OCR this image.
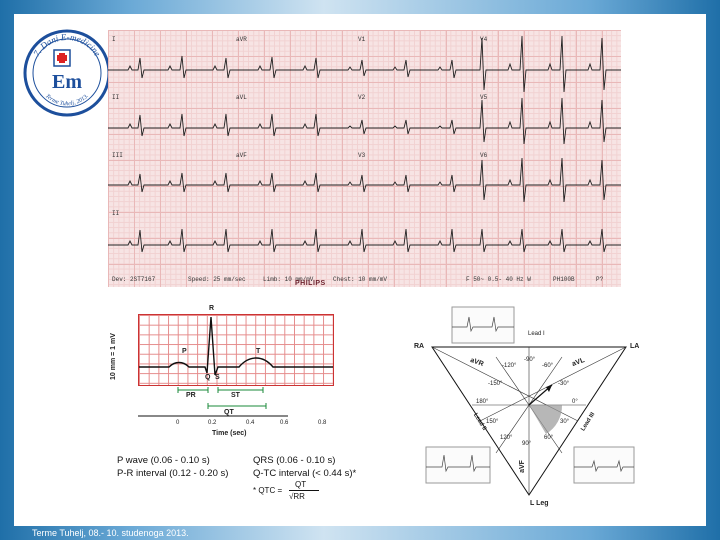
Em
7. Dani E-medicine
Terme Tuhelj, 2013.
I	aVR	V1	V4
II	aVL	V2	V5
III	aVF	V3	V6
II
Dev: 2ST7167	Speed: 25 mm/sec	Limb: 10 mm/mV	Chest: 10 mm/mV	F 50~ 0.5- 40 Hz W	PH100B	P?
PHILIPS
10 mm = 1 mV
R
P	T
Q S
PR	ST
QT
0	0.2	0.4	0.6	0.8
Time (sec)
P wave (0.06 - 0.10 s)	QRS (0.06 - 0.10 s)
P-R interval (0.12 - 0.20 s)	Q-TC interval (< 0.44 s)*
* QTC =
QT
√RR
RA	LA
L Leg
Lead I
Lead II	Lead III
aVR	aVL
aVF
-90°
-120°	-60°
-150°	-30°
180°	0°
150°	30°
120°	60°
90°
Terme Tuhelj, 08.- 10. studenoga 2013.
